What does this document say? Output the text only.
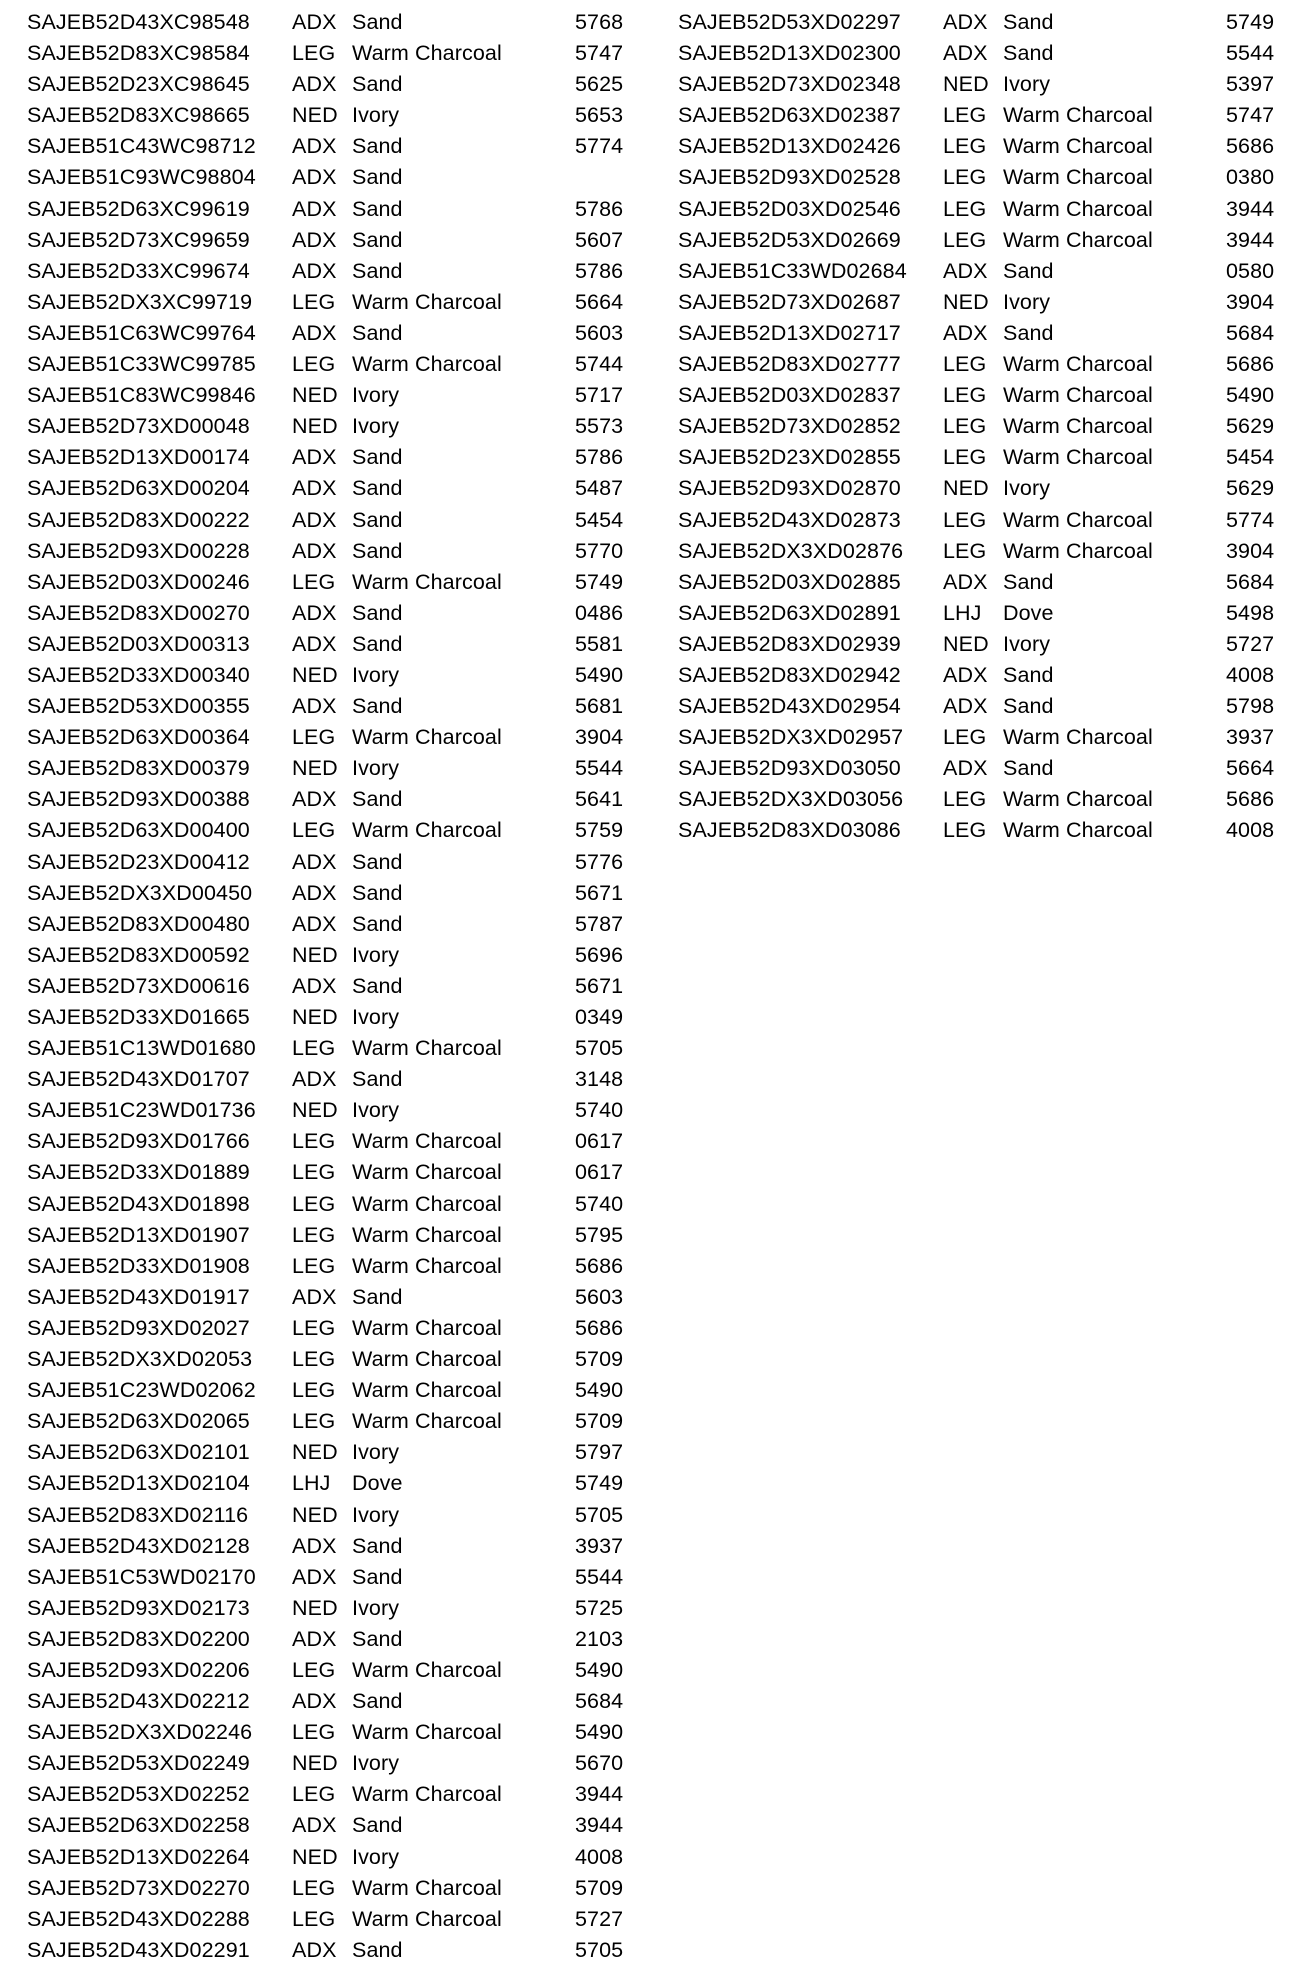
SAJEB52D43XC98548 ADX Sand	5768
SAJEB52D83XC98584 LEG Warm Charcoal	5747
SAJEB52D23XC98645 ADX Sand	5625
SAJEB52D83XC98665 NED Ivory	5653
SAJEB51C43WC98712 ADX Sand	5774
SAJEB51C93WC98804 ADX Sand
SAJEB52D63XC99619 ADX Sand	5786
SAJEB52D73XC99659 ADX Sand	5607
SAJEB52D33XC99674 ADX Sand	5786
SAJEB52DX3XC99719 LEG Warm Charcoal	5664
SAJEB51C63WC99764 ADX Sand	5603
SAJEB51C33WC99785 LEG Warm Charcoal	5744
SAJEB51C83WC99846 NED Ivory	5717
SAJEB52D73XD00048 NED Ivory	5573
SAJEB52D13XD00174 ADX Sand	5786
SAJEB52D63XD00204 ADX Sand	5487
SAJEB52D83XD00222 ADX Sand	5454
SAJEB52D93XD00228 ADX Sand	5770
SAJEB52D03XD00246 LEG Warm Charcoal	5749
SAJEB52D83XD00270 ADX Sand	0486
SAJEB52D03XD00313 ADX Sand	5581
SAJEB52D33XD00340 NED Ivory	5490
SAJEB52D53XD00355 ADX Sand	5681
SAJEB52D63XD00364 LEG Warm Charcoal	3904
SAJEB52D83XD00379 NED Ivory	5544
SAJEB52D93XD00388 ADX Sand	5641
SAJEB52D63XD00400 LEG Warm Charcoal	5759
SAJEB52D23XD00412 ADX Sand	5776
SAJEB52DX3XD00450 ADX Sand	5671
SAJEB52D83XD00480 ADX Sand	5787
SAJEB52D83XD00592 NED Ivory	5696
SAJEB52D73XD00616 ADX Sand	5671
SAJEB52D33XD01665 NED Ivory	0349
SAJEB51C13WD01680 LEG Warm Charcoal	5705
SAJEB52D43XD01707 ADX Sand	3148
SAJEB51C23WD01736 NED Ivory	5740
SAJEB52D93XD01766 LEG Warm Charcoal	0617
SAJEB52D33XD01889 LEG Warm Charcoal	0617
SAJEB52D43XD01898 LEG Warm Charcoal	5740
SAJEB52D13XD01907 LEG Warm Charcoal	5795
SAJEB52D33XD01908 LEG Warm Charcoal	5686
SAJEB52D43XD01917 ADX Sand	5603
SAJEB52D93XD02027 LEG Warm Charcoal	5686
SAJEB52DX3XD02053 LEG Warm Charcoal	5709
SAJEB51C23WD02062 LEG Warm Charcoal	5490
SAJEB52D63XD02065 LEG Warm Charcoal	5709
SAJEB52D63XD02101 NED Ivory	5797
SAJEB52D13XD02104 LHJ Dove	5749
SAJEB52D83XD02116 NED Ivory	5705
SAJEB52D43XD02128 ADX Sand	3937
SAJEB51C53WD02170 ADX Sand	5544
SAJEB52D93XD02173 NED Ivory	5725
SAJEB52D83XD02200 ADX Sand	2103
SAJEB52D93XD02206 LEG Warm Charcoal	5490
SAJEB52D43XD02212 ADX Sand	5684
SAJEB52DX3XD02246 LEG Warm Charcoal	5490
SAJEB52D53XD02249 NED Ivory	5670
SAJEB52D53XD02252 LEG Warm Charcoal	3944
SAJEB52D63XD02258 ADX Sand	3944
SAJEB52D13XD02264 NED Ivory	4008
SAJEB52D73XD02270 LEG Warm Charcoal	5709
SAJEB52D43XD02288 LEG Warm Charcoal	5727
SAJEB52D43XD02291 ADX Sand	5705
SAJEB52D53XD02297 ADX Sand	5749
SAJEB52D13XD02300 ADX Sand	5544
SAJEB52D73XD02348 NED Ivory	5397
SAJEB52D63XD02387 LEG Warm Charcoal	5747
SAJEB52D13XD02426 LEG Warm Charcoal	5686
SAJEB52D93XD02528 LEG Warm Charcoal	0380
SAJEB52D03XD02546 LEG Warm Charcoal	3944
SAJEB52D53XD02669 LEG Warm Charcoal	3944
SAJEB51C33WD02684 ADX Sand	0580
SAJEB52D73XD02687 NED Ivory	3904
SAJEB52D13XD02717 ADX Sand	5684
SAJEB52D83XD02777 LEG Warm Charcoal	5686
SAJEB52D03XD02837 LEG Warm Charcoal	5490
SAJEB52D73XD02852 LEG Warm Charcoal	5629
SAJEB52D23XD02855 LEG Warm Charcoal	5454
SAJEB52D93XD02870 NED Ivory	5629
SAJEB52D43XD02873 LEG Warm Charcoal	5774
SAJEB52DX3XD02876 LEG Warm Charcoal	3904
SAJEB52D03XD02885 ADX Sand	5684
SAJEB52D63XD02891 LHJ Dove	5498
SAJEB52D83XD02939 NED Ivory	5727
SAJEB52D83XD02942 ADX Sand	4008
SAJEB52D43XD02954 ADX Sand	5798
SAJEB52DX3XD02957 LEG Warm Charcoal	3937
SAJEB52D93XD03050 ADX Sand	5664
SAJEB52DX3XD03056 LEG Warm Charcoal	5686
SAJEB52D83XD03086 LEG Warm Charcoal	4008
